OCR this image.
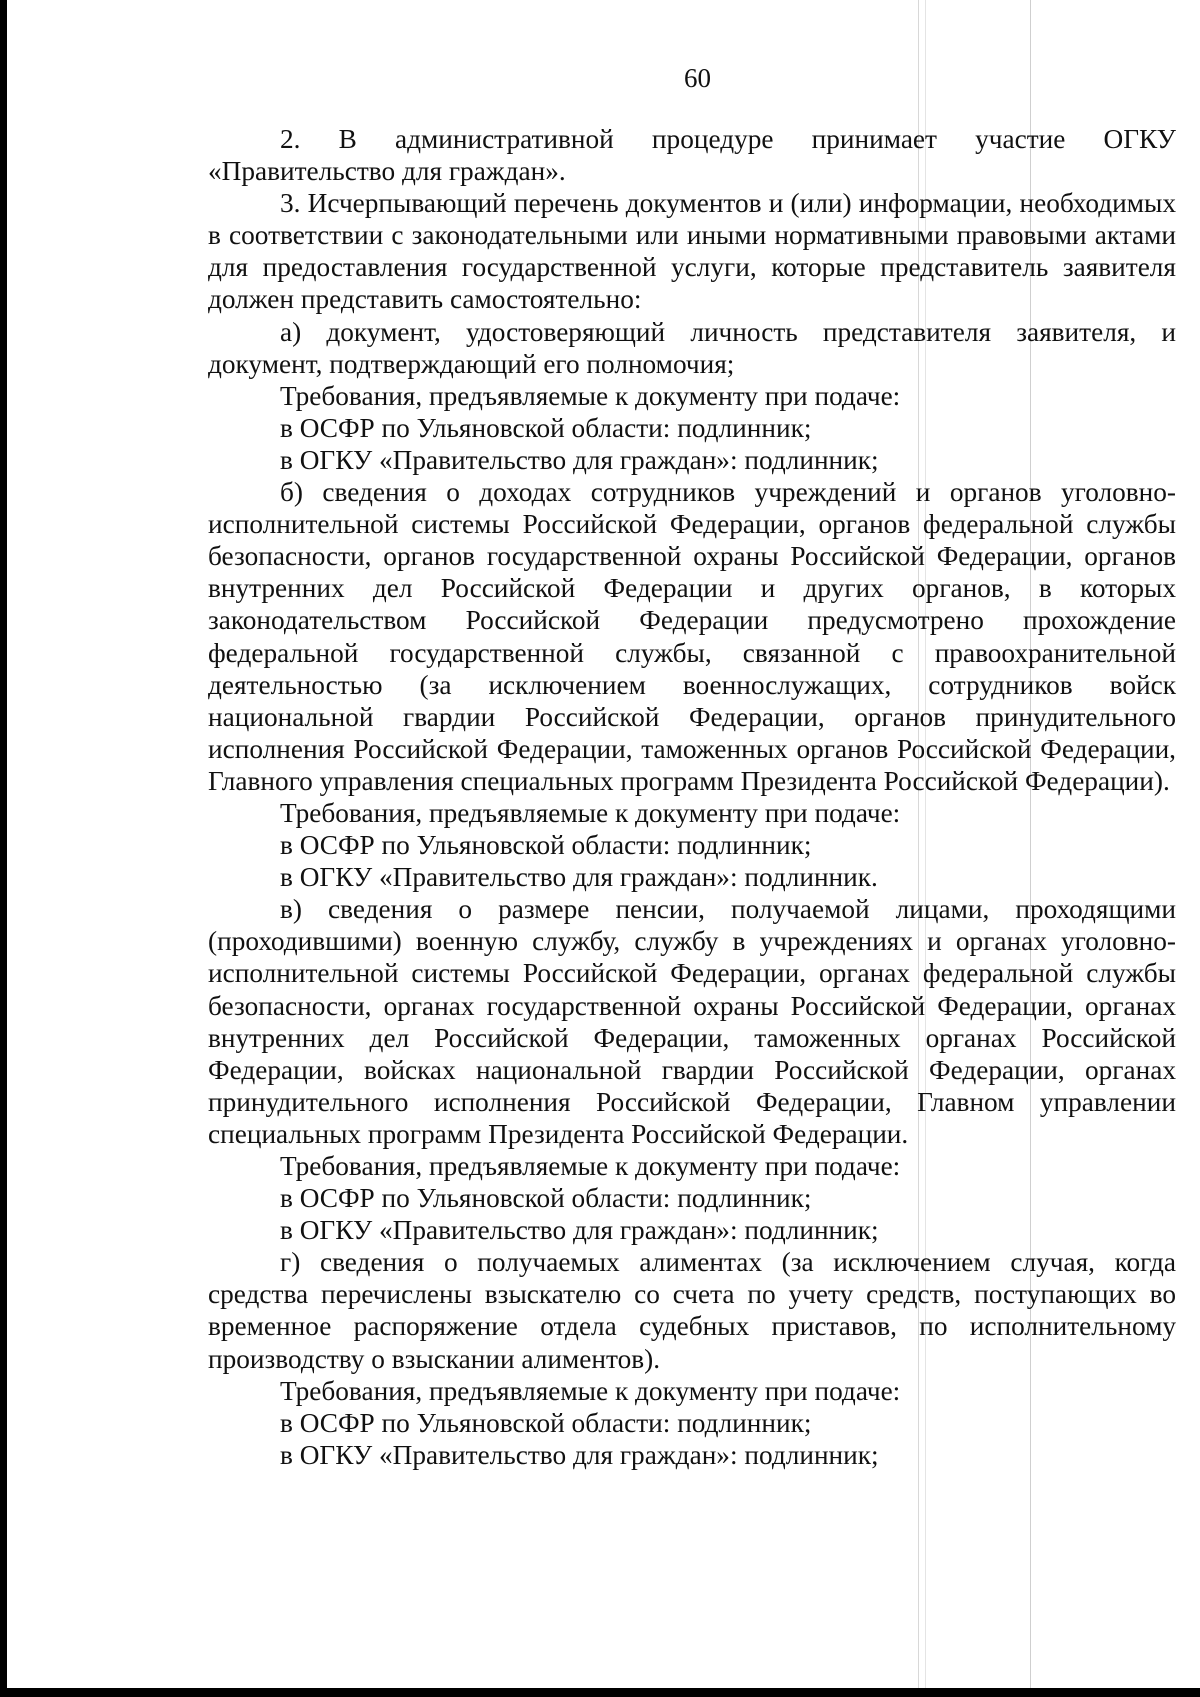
60

2. В административной процедуре принимает участие ОГКУ «Правительство для граждан».

3. Исчерпывающий перечень документов и (или) информации, необходимых в соответствии с законодательными или иными нормативными правовыми актами для предоставления государственной услуги, которые представитель заявителя должен представить самостоятельно:

а) документ, удостоверяющий личность представителя заявителя, и документ, подтверждающий его полномочия;

Требования, предъявляемые к документу при подаче:

в ОСФР по Ульяновской области: подлинник;

в ОГКУ «Правительство для граждан»: подлинник;

б) сведения о доходах сотрудников учреждений и органов уголовно-исполнительной системы Российской Федерации, органов федеральной службы безопасности, органов государственной охраны Российской Федерации, органов внутренних дел Российской Федерации и других органов, в которых законодательством Российской Федерации предусмотрено прохождение федеральной государственной службы, связанной с правоохранительной деятельностью (за исключением военнослужащих, сотрудников войск национальной гвардии Российской Федерации, органов принудительного исполнения Российской Федерации, таможенных органов Российской Федерации, Главного управления специальных программ Президента Российской Федерации).

Требования, предъявляемые к документу при подаче:

в ОСФР по Ульяновской области: подлинник;

в ОГКУ «Правительство для граждан»: подлинник.

в) сведения о размере пенсии, получаемой лицами, проходящими (проходившими) военную службу, службу в учреждениях и органах уголовно-исполнительной системы Российской Федерации, органах федеральной службы безопасности, органах государственной охраны Российской Федерации, органах внутренних дел Российской Федерации, таможенных органах Российской Федерации, войсках национальной гвардии Российской Федерации, органах принудительного исполнения Российской Федерации, Главном управлении специальных программ Президента Российской Федерации.

Требования, предъявляемые к документу при подаче:

в ОСФР по Ульяновской области: подлинник;

в ОГКУ «Правительство для граждан»: подлинник;

г) сведения о получаемых алиментах (за исключением случая, когда средства перечислены взыскателю со счета по учету средств, поступающих во временное распоряжение отдела судебных приставов, по исполнительному производству о взыскании алиментов).

Требования, предъявляемые к документу при подаче:

в ОСФР по Ульяновской области: подлинник;

в ОГКУ «Правительство для граждан»: подлинник;
